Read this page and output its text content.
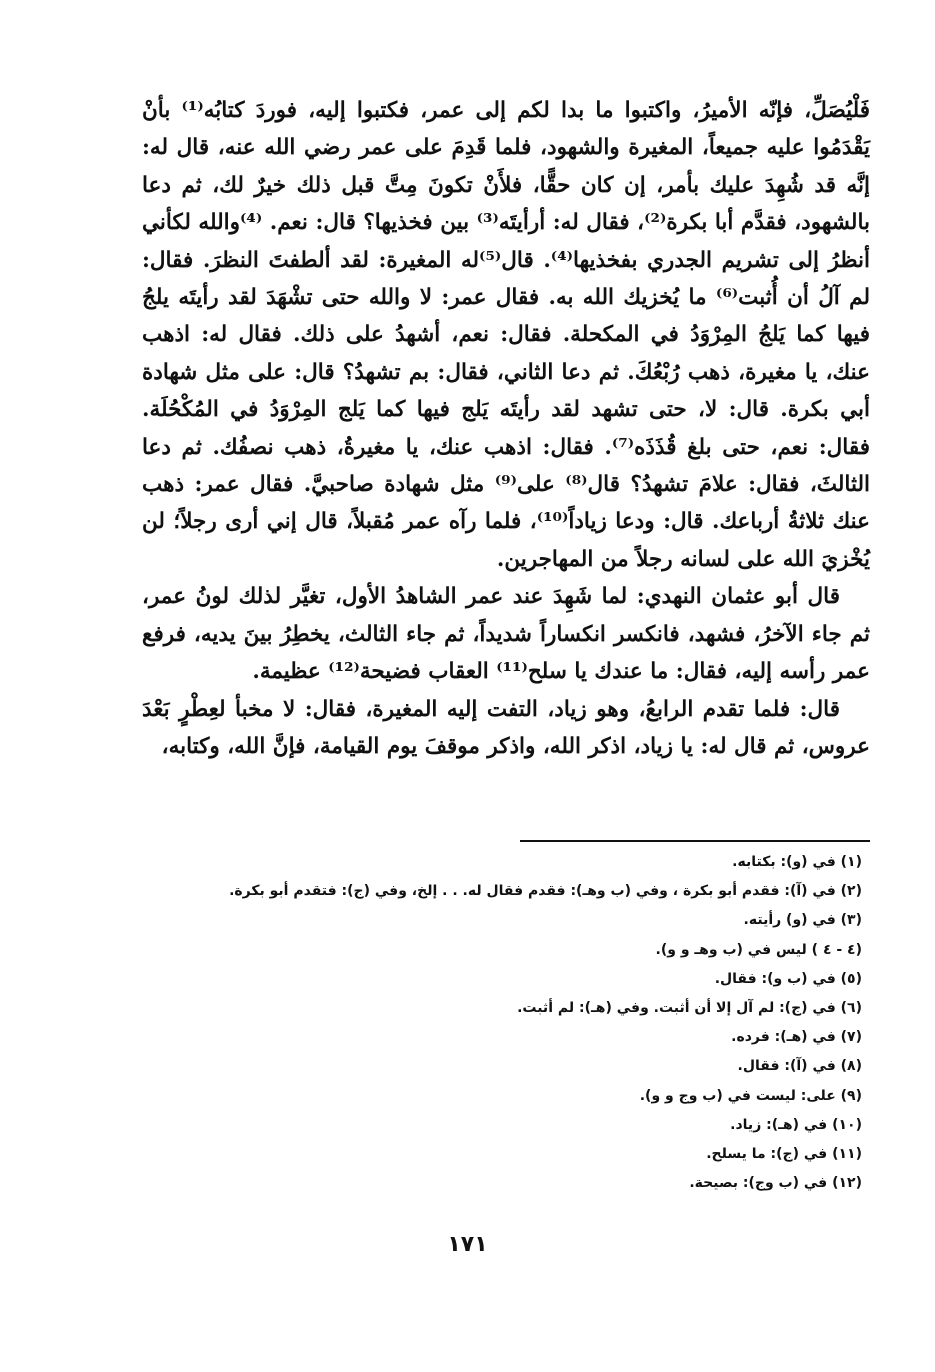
فَلْيُصَلِّ، فإنّه الأميرُ، واكتبوا ما بدا لكم إلى عمر، فكتبوا إليه، فوردَ كتابُه⁽¹⁾ بأنْ يَقْدَمُوا عليه جميعاً، المغيرة والشهود، فلما قَدِمَ على عمر رضي الله عنه، قال له: إنَّه قد شُهِدَ عليك بأمر، إن كان حقًّا، فلأَنْ تكونَ مِتَّ قبل ذلك خيرٌ لك، ثم دعا بالشهود، فقدَّم أبا بكرة⁽²⁾، فقال له: أرأيتَه⁽³⁾ بين فخذيها؟ قال: نعم. ⁽⁴⁾والله لكأني أنظرُ إلى تشريم الجدري بفخذيها⁽⁴⁾. قال⁽⁵⁾له المغيرة: لقد ألطفتَ النظرَ. فقال: لم آلُ أن أُثبت⁽⁶⁾ ما يُخزيك الله به. فقال عمر: لا والله حتى تشْهَدَ لقد رأيتَه يلجُ فيها كما يَلجُ المِرْوَدُ في المكحلة. فقال: نعم، أشهدُ على ذلك. فقال له: اذهب عنك، يا مغيرة، ذهب رُبْعُكَ. ثم دعا الثاني، فقال: بم تشهدُ؟ قال: على مثل شهادة أبي بكرة. قال: لا، حتى تشهد لقد رأيتَه يَلج فيها كما يَلج المِرْوَدُ في المُكْحُلَة. فقال: نعم، حتى بلغ قُذَذَه⁽⁷⁾. فقال: اذهب عنك، يا مغيرةُ، ذهب نصفُك. ثم دعا الثالثَ، فقال: علامَ تشهدُ؟ قال⁽⁸⁾ على⁽⁹⁾ مثل شهادة صاحبيَّ. فقال عمر: ذهب عنك ثلاثةُ أرباعك. قال: ودعا زياداً⁽¹⁰⁾، فلما رآه عمر مُقبلاً، قال إني أرى رجلاً؛ لن يُخْزيَ الله على لسانه رجلاً من المهاجرين.

قال أبو عثمان النهدي: لما شَهِدَ عند عمر الشاهدُ الأول، تغيَّر لذلك لونُ عمر، ثم جاء الآخرُ، فشهد، فانكسر انكساراً شديداً، ثم جاء الثالث، يخطِرُ بينَ يديه، فرفع عمر رأسه إليه، فقال: ما عندك يا سلح⁽¹¹⁾ العقاب فضيحة⁽¹²⁾ عظيمة.

قال: فلما تقدم الرابعُ، وهو زياد، التفت إليه المغيرة، فقال: لا مخبأ لعِطْرٍ بَعْدَ عروس، ثم قال له: يا زياد، اذكر الله، واذكر موقفَ يوم القيامة، فإنَّ الله، وكتابه،

(١) في (و): بكتابه.
(٢) في (آ): فقدم أبو بكرة ، وفي (ب وهـ): فقدم فقال له. . . إلخ، وفي (ج): فتقدم أبو بكرة.
(٣) في (و) رأيته.
(٤ - ٤ ) ليس في (ب وهـ و و).
(٥) في (ب و): فقال.
(٦) في (ج): لم آل إلا أن أثبت. وفي (هـ): لم أثبت.
(٧) في (هـ): فرده.
(٨) في (آ): فقال.
(٩) على: ليست في (ب وج و و).
(١٠) في (هـ): زياد.
(١١) في (ج): ما يسلح.
(١٢) في (ب وج): بصيحة.
١٧١
